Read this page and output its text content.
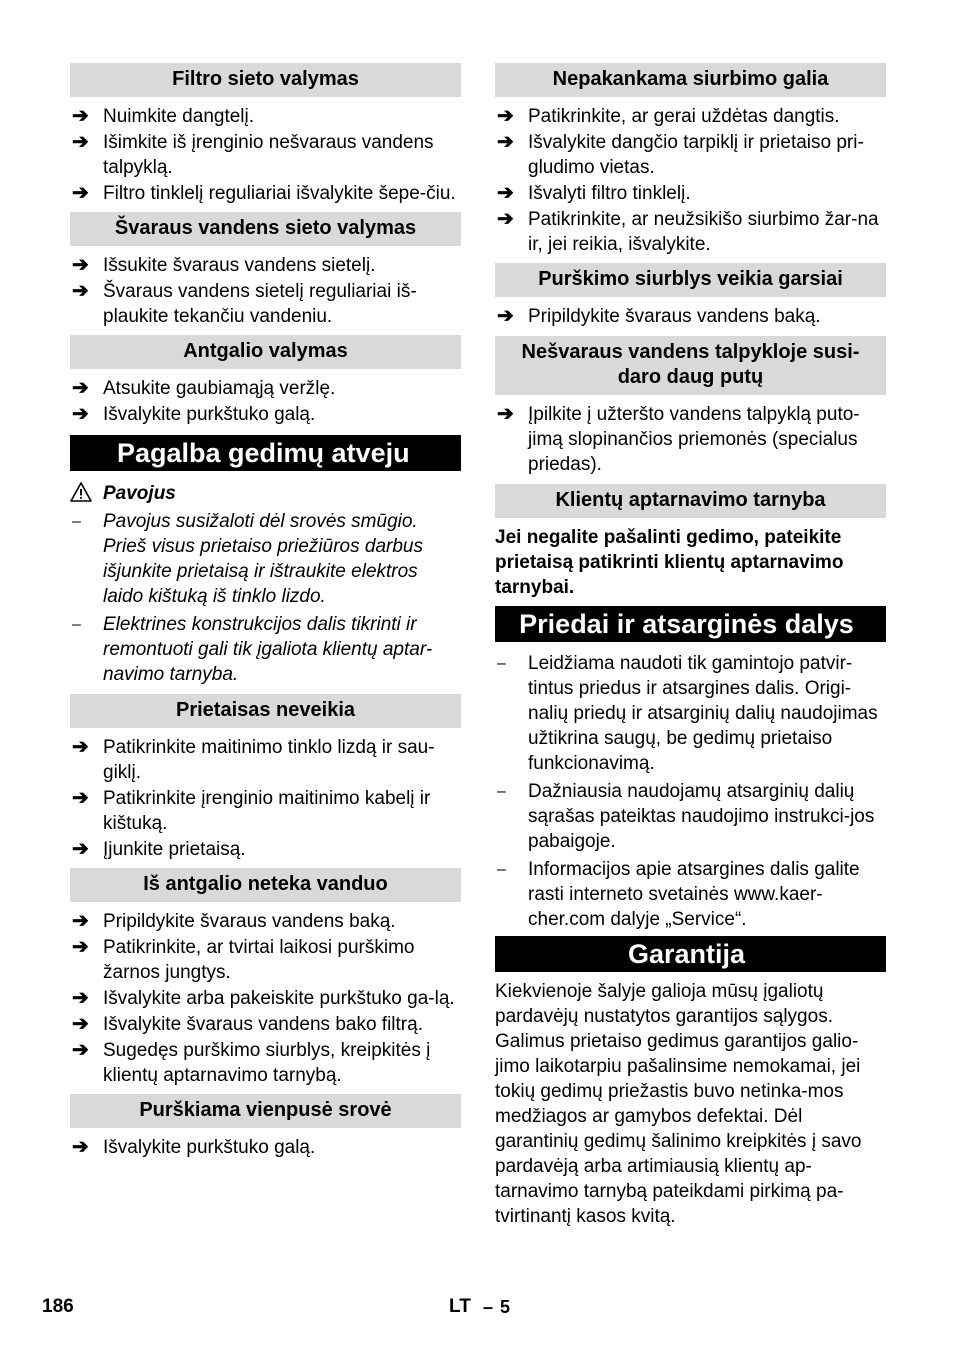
Filtro sieto valymas
➔ Nuimkite dangtelį.
➔ Išimkite iš įrenginio nešvaraus vandens talpyklą.
➔ Filtro tinklelį reguliariai išvalykite šepe-čiu.
Švaraus vandens sieto valymas
➔ Išsukite švaraus vandens sietelį.
➔ Švaraus vandens sietelį reguliariai iš-plaukite tekančiu vandeniu.
Antgalio valymas
➔ Atsukite gaubiamąją veržlę.
➔ Išvalykite purkštuko galą.
Pagalba gedimų atveju
Pavojus
– Pavojus susižaloti dėl srovės smūgio. Prieš visus prietaiso priežiūros darbus išjunkite prietaisą ir ištraukite elektros laido kištuką iš tinklo lizdo.
– Elektrines konstrukcijos dalis tikrinti ir remontuoti gali tik įgaliota klientų aptar-navimo tarnyba.
Prietaisas neveikia
➔ Patikrinkite maitinimo tinklo lizdą ir sau-giklį.
➔ Patikrinkite įrenginio maitinimo kabelį ir kištuką.
➔ Įjunkite prietaisą.
Iš antgalio neteka vanduo
➔ Pripildykite švaraus vandens baką.
➔ Patikrinkite, ar tvirtai laikosi purškimo žarnos jungtys.
➔ Išvalykite arba pakeiskite purkštuko ga-lą.
➔ Išvalykite švaraus vandens bako filtrą.
➔ Sugedęs purškimo siurblys, kreipkitės į klientų aptarnavimo tarnybą.
Purškiama vienpusė srovė
➔ Išvalykite purkštuko galą.
Nepakankama siurbimo galia
➔ Patikrinkite, ar gerai uždėtas dangtis.
➔ Išvalykite dangčio tarpiklį ir prietaiso pri-gludimo vietas.
➔ Išvalyti filtro tinklelį.
➔ Patikrinkite, ar neužsikišo siurbimo žar-na ir, jei reikia, išvalykite.
Purškimo siurblys veikia garsiai
➔ Pripildykite švaraus vandens baką.
Nešvaraus vandens talpykloje susi-
daro daug putų
➔ Įpilkite į užteršto vandens talpyklą puto-jimą slopinančios priemonės (specialus priedas).
Klientų aptarnavimo tarnyba

Jei negalite pašalinti gedimo, pateikite prietaisą patikrinti klientų aptarnavimo tarnybai.

Priedai ir atsarginės dalys
– Leidžiama naudoti tik gamintojo patvir-tintus priedus ir atsargines dalis. Origi-nalių priedų ir atsarginių dalių naudojimas užtikrina saugų, be gedimų prietaiso funkcionavimą.
– Dažniausia naudojamų atsarginių dalių sąrašas pateiktas naudojimo instrukci-jos pabaigoje.
– Informacijos apie atsargines dalis galite rasti interneto svetainės www.kaer-cher.com dalyje „Service“.
Garantija

Kiekvienoje šalyje galioja mūsų įgaliotų pardavėjų nustatytos garantijos sąlygos. Galimus prietaiso gedimus garantijos galio-jimo laikotarpiu pašalinsime nemokamai, jei tokių gedimų priežastis buvo netinka-mos medžiagos ar gamybos defektai. Dėl garantinių gedimų šalinimo kreipkitės į savo pardavėją arba artimiausią klientų ap-tarnavimo tarnybą pateikdami pirkimą pa-tvirtinantį kasos kvitą.

186	LT – 5
